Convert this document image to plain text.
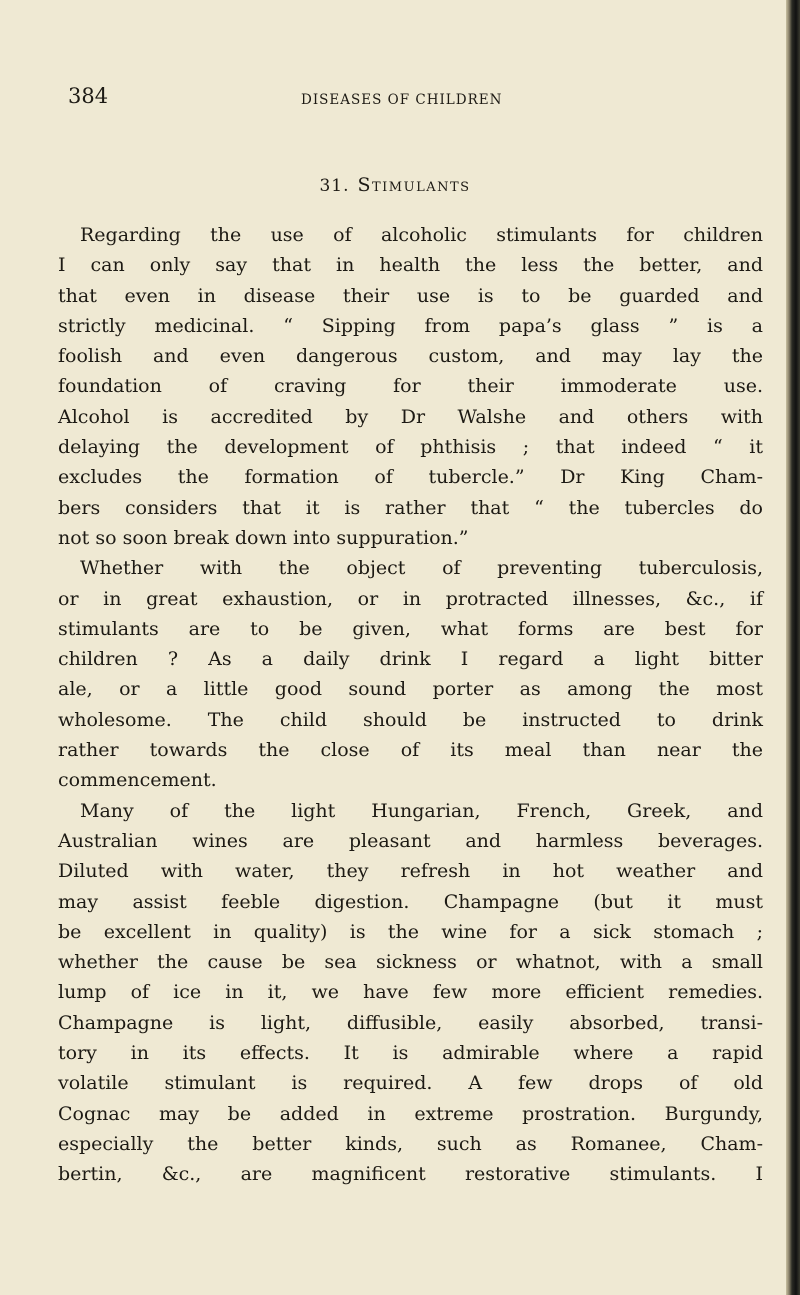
384	DISEASES OF CHILDREN
31. Stimulants
Regarding the use of alcoholic stimulants for children
I can only say that in health the less the better, and
that even in disease their use is to be guarded and
strictly medicinal. “ Sipping from papa’s glass ” is a
foolish and even dangerous custom, and may lay the
foundation of craving for their immoderate use.
Alcohol is accredited by Dr Walshe and others with
delaying the development of phthisis ; that indeed “ it
excludes the formation of tubercle.” Dr King Cham-
bers considers that it is rather that “ the tubercles do
not so soon break down into suppuration.”
Whether with the object of preventing tuberculosis,
or in great exhaustion, or in protracted illnesses, &c., if
stimulants are to be given, what forms are best for
children ? As a daily drink I regard a light bitter
ale, or a little good sound porter as among the most
wholesome. The child should be instructed to drink
rather towards the close of its meal than near the
commencement.
Many of the light Hungarian, French, Greek, and
Australian wines are pleasant and harmless beverages.
Diluted with water, they refresh in hot weather and
may assist feeble digestion. Champagne (but it must
be excellent in quality) is the wine for a sick stomach ;
whether the cause be sea sickness or whatnot, with a small
lump of ice in it, we have few more efficient remedies.
Champagne is light, diffusible, easily absorbed, transi-
tory in its effects. It is admirable where a rapid
volatile stimulant is required. A few drops of old
Cognac may be added in extreme prostration. Burgundy,
especially the better kinds, such as Romanee, Cham-
bertin, &c., are magnificent restorative stimulants. I
